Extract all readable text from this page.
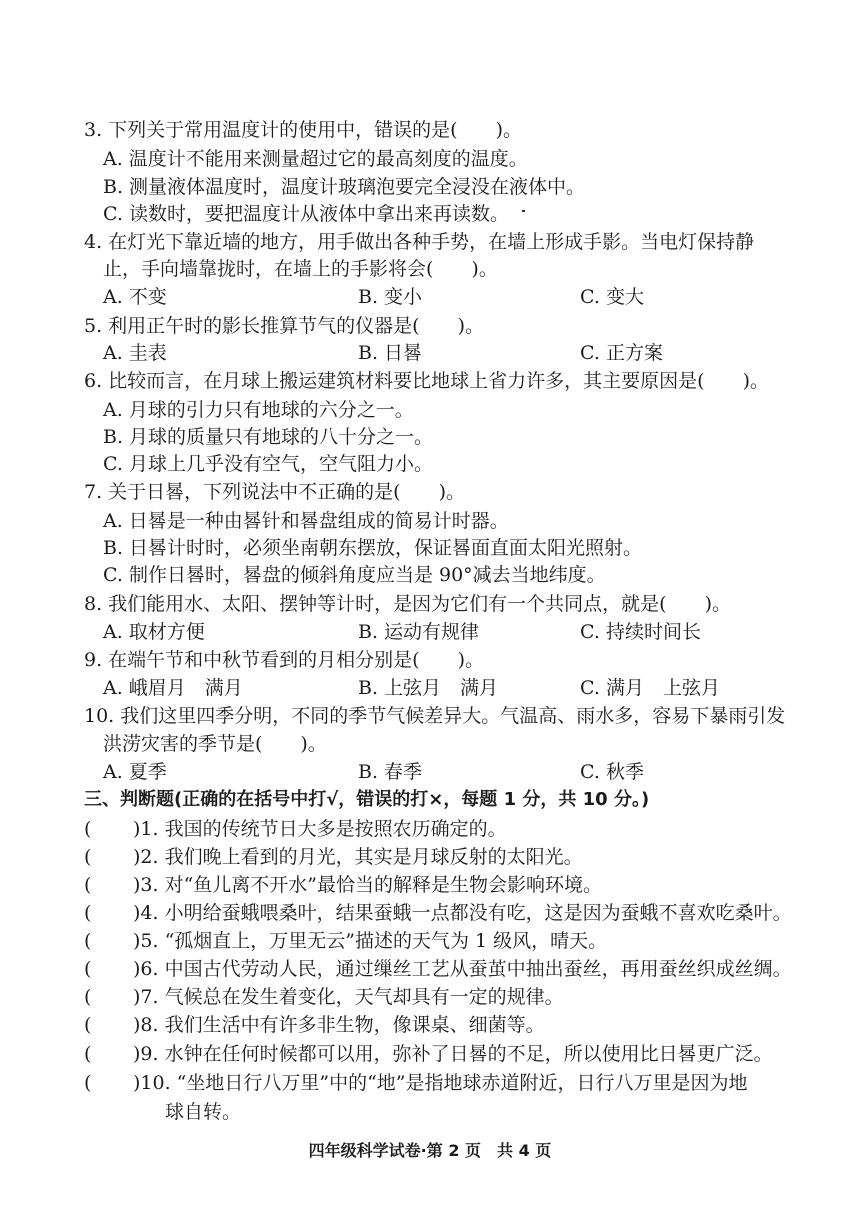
3. 下列关于常用温度计的使用中，错误的是(　　)。
A. 温度计不能用来测量超过它的最高刻度的温度。
B. 测量液体温度时，温度计玻璃泡要完全浸没在液体中。
C. 读数时，要把温度计从液体中拿出来再读数。
4. 在灯光下靠近墙的地方，用手做出各种手势，在墙上形成手影。当电灯保持静
止，手向墙靠拢时，在墙上的手影将会(　　)。
A. 不变	B. 变小	C. 变大
5. 利用正午时的影长推算节气的仪器是(　　)。
A. 圭表	B. 日晷	C. 正方案
6. 比较而言，在月球上搬运建筑材料要比地球上省力许多，其主要原因是(　　)。
A. 月球的引力只有地球的六分之一。
B. 月球的质量只有地球的八十分之一。
C. 月球上几乎没有空气，空气阻力小。
7. 关于日晷，下列说法中不正确的是(　　)。
A. 日晷是一种由晷针和晷盘组成的简易计时器。
B. 日晷计时时，必须坐南朝东摆放，保证晷面直面太阳光照射。
C. 制作日晷时，晷盘的倾斜角度应当是 90°减去当地纬度。
8. 我们能用水、太阳、摆钟等计时，是因为它们有一个共同点，就是(　　)。
A. 取材方便	B. 运动有规律	C. 持续时间长
9. 在端午节和中秋节看到的月相分别是(　　)。
A. 峨眉月　满月	B. 上弦月　满月	C. 满月　上弦月
10. 我们这里四季分明，不同的季节气候差异大。气温高、雨水多，容易下暴雨引发
洪涝灾害的季节是(　　)。
A. 夏季	B. 春季	C. 秋季
三、判断题(正确的在括号中打√，错误的打×，每题 1 分，共 10 分。)
( )1. 我国的传统节日大多是按照农历确定的。
( )2. 我们晚上看到的月光，其实是月球反射的太阳光。
( )3. 对“鱼儿离不开水”最恰当的解释是生物会影响环境。
( )4. 小明给蚕蛾喂桑叶，结果蚕蛾一点都没有吃，这是因为蚕蛾不喜欢吃桑叶。
( )5. “孤烟直上，万里无云”描述的天气为 1 级风，晴天。
( )6. 中国古代劳动人民，通过缫丝工艺从蚕茧中抽出蚕丝，再用蚕丝织成丝绸。
( )7. 气候总在发生着变化，天气却具有一定的规律。
( )8. 我们生活中有许多非生物，像课桌、细菌等。
( )9. 水钟在任何时候都可以用，弥补了日晷的不足，所以使用比日晷更广泛。
( )10. “坐地日行八万里”中的“地”是指地球赤道附近，日行八万里是因为地
球自转。
四年级科学试卷·第 2 页　共 4 页
